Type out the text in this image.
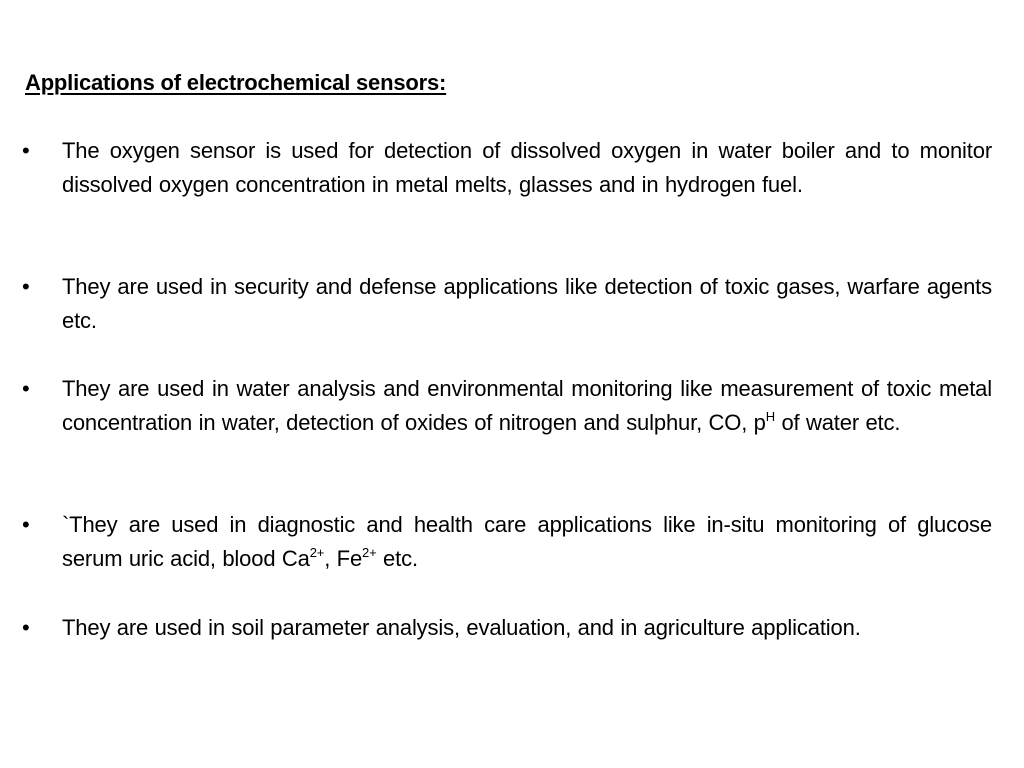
Applications of electrochemical sensors:
• The oxygen sensor is used for detection of dissolved oxygen in water boiler and to monitor dissolved oxygen concentration in metal melts, glasses and in hydrogen fuel.
• They are used in security and defense applications like detection of toxic gases, warfare agents etc.
• They are used in water analysis and environmental monitoring like measurement of toxic metal concentration in water, detection of oxides of nitrogen and sulphur, CO, $p^H$ of water etc.
• `They are used in diagnostic and health care applications like in-situ monitoring of glucose serum uric acid, blood $Ca^{2+}$, $Fe^{2+}$ etc.
• They are used in soil parameter analysis, evaluation, and in agriculture application.
